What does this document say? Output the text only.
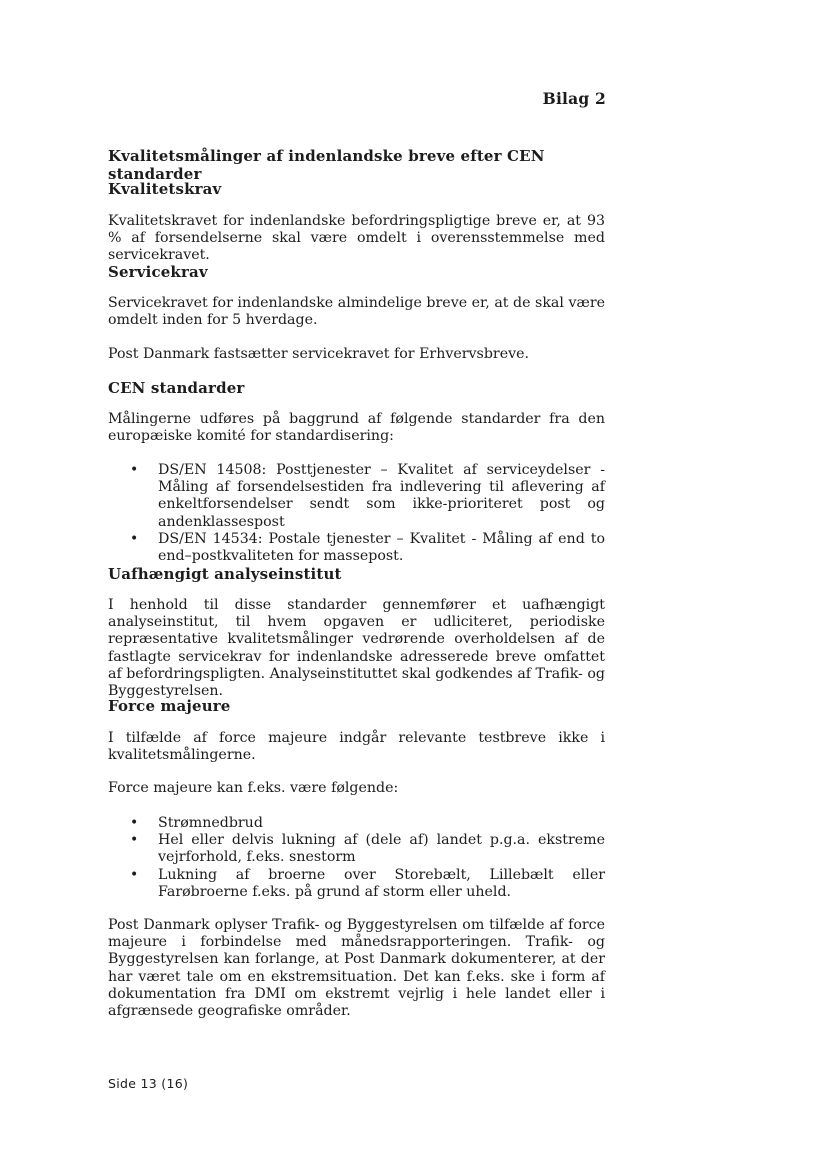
Bilag 2
Kvalitetsmålinger af indenlandske breve efter CEN standarder
Kvalitetskrav

Kvalitetskravet for indenlandske befordringspligtige breve er, at 93 % af forsendelserne skal være omdelt i overensstemmelse med servicekravet.

Servicekrav

Servicekravet for indenlandske almindelige breve er, at de skal være omdelt inden for 5 hverdage.

Post Danmark fastsætter servicekravet for Erhvervsbreve.

CEN standarder

Målingerne udføres på baggrund af følgende standarder fra den europæiske komité for standardisering:

• DS/EN 14508: Posttjenester – Kvalitet af serviceydelser - Måling af forsendelsestiden fra indlevering til aflevering af enkeltforsendelser sendt som ikke-prioriteret post og andenklassespost
• DS/EN 14534: Postale tjenester – Kvalitet - Måling af end to end–postkvaliteten for massepost.
Uafhængigt analyseinstitut

I henhold til disse standarder gennemfører et uafhængigt analyseinstitut, til hvem opgaven er udliciteret, periodiske repræsentative kvalitetsmålinger vedrørende overholdelsen af de fastlagte servicekrav for indenlandske adresserede breve omfattet af befordringspligten. Analyseinstituttet skal godkendes af Trafik- og Byggestyrelsen.

Force majeure

I tilfælde af force majeure indgår relevante testbreve ikke i kvalitetsmålingerne.

Force majeure kan f.eks. være følgende:

• Strømnedbrud
• Hel eller delvis lukning af (dele af) landet p.g.a. ekstreme vejrforhold, f.eks. snestorm
• Lukning af broerne over Storebælt, Lillebælt eller Farøbroerne f.eks. på grund af storm eller uheld.

Post Danmark oplyser Trafik- og Byggestyrelsen om tilfælde af force majeure i forbindelse med månedsrapporteringen. Trafik- og Byggestyrelsen kan forlange, at Post Danmark dokumenterer, at der har været tale om en ekstremsituation. Det kan f.eks. ske i form af dokumentation fra DMI om ekstremt vejrlig i hele landet eller i afgrænsede geografiske områder.

Side 13 (16)
